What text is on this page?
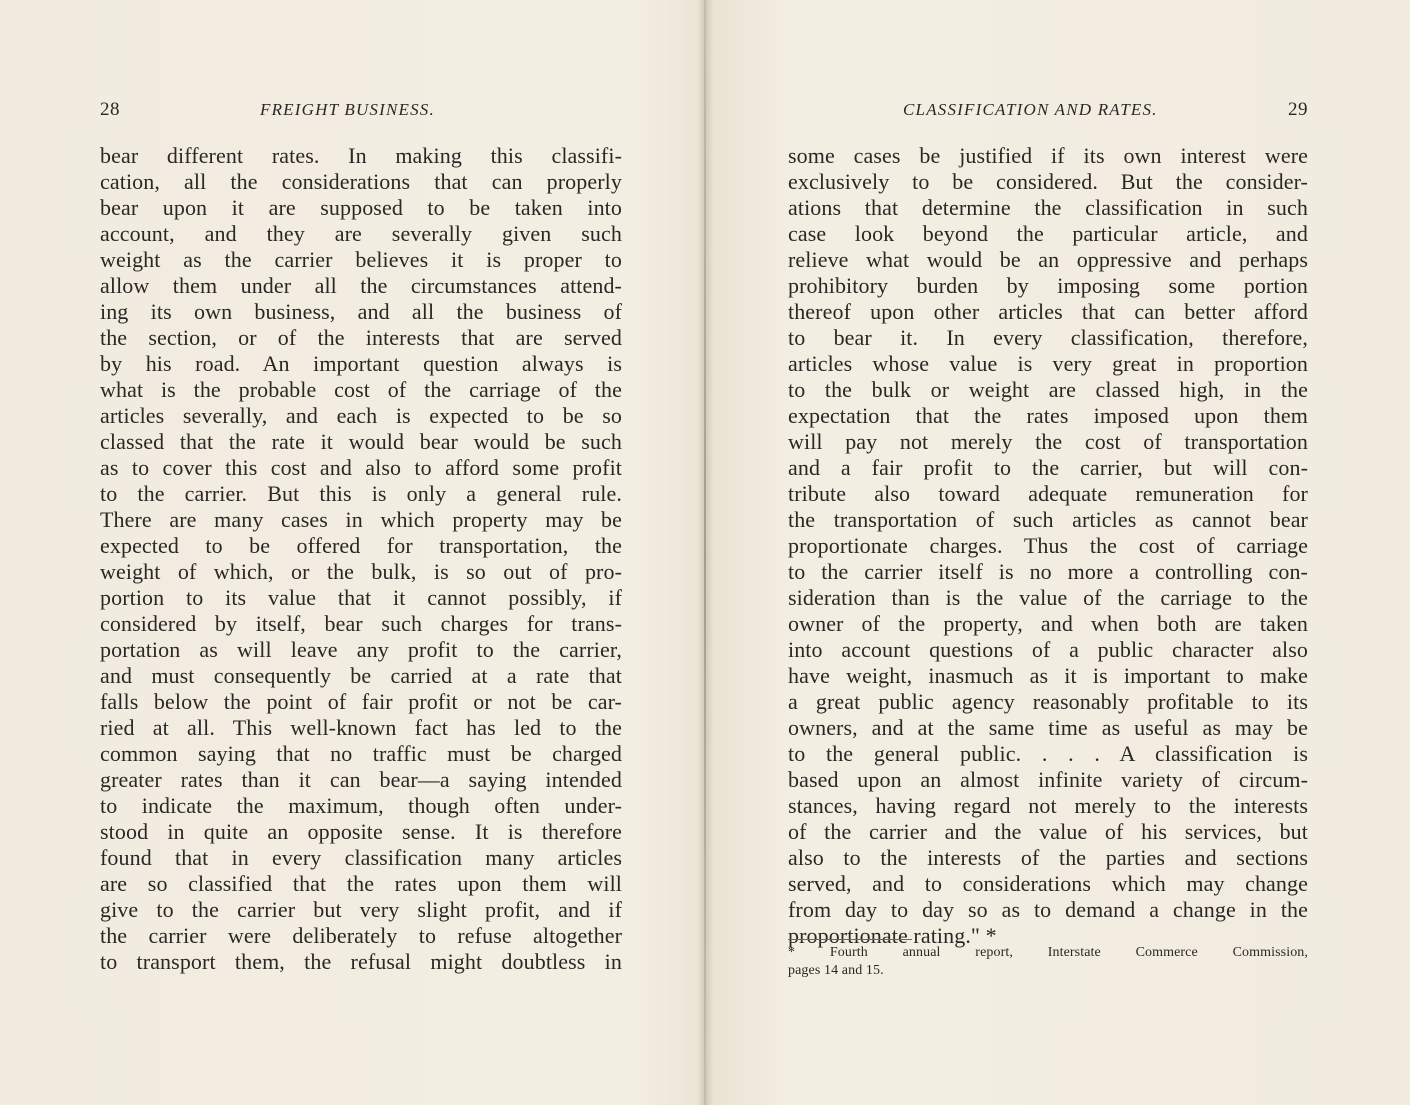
28	FREIGHT BUSINESS.
bear different rates. In making this classifi-
cation, all the considerations that can properly
bear upon it are supposed to be taken into
account, and they are severally given such
weight as the carrier believes it is proper to
allow them under all the circumstances attend-
ing its own business, and all the business of
the section, or of the interests that are served
by his road. An important question always is
what is the probable cost of the carriage of the
articles severally, and each is expected to be so
classed that the rate it would bear would be such
as to cover this cost and also to afford some profit
to the carrier. But this is only a general rule.
There are many cases in which property may be
expected to be offered for transportation, the
weight of which, or the bulk, is so out of pro-
portion to its value that it cannot possibly, if
considered by itself, bear such charges for trans-
portation as will leave any profit to the carrier,
and must consequently be carried at a rate that
falls below the point of fair profit or not be car-
ried at all. This well-known fact has led to the
common saying that no traffic must be charged
greater rates than it can bear—a saying intended
to indicate the maximum, though often under-
stood in quite an opposite sense. It is therefore
found that in every classification many articles
are so classified that the rates upon them will
give to the carrier but very slight profit, and if
the carrier were deliberately to refuse altogether
to transport them, the refusal might doubtless in
CLASSIFICATION AND RATES.	29
some cases be justified if its own interest were
exclusively to be considered. But the consider-
ations that determine the classification in such
case look beyond the particular article, and
relieve what would be an oppressive and perhaps
prohibitory burden by imposing some portion
thereof upon other articles that can better afford
to bear it. In every classification, therefore,
articles whose value is very great in proportion
to the bulk or weight are classed high, in the
expectation that the rates imposed upon them
will pay not merely the cost of transportation
and a fair profit to the carrier, but will con-
tribute also toward adequate remuneration for
the transportation of such articles as cannot bear
proportionate charges. Thus the cost of carriage
to the carrier itself is no more a controlling con-
sideration than is the value of the carriage to the
owner of the property, and when both are taken
into account questions of a public character also
have weight, inasmuch as it is important to make
a great public agency reasonably profitable to its
owners, and at the same time as useful as may be
to the general public. . . . A classification is
based upon an almost infinite variety of circum-
stances, having regard not merely to the interests
of the carrier and the value of his services, but
also to the interests of the parties and sections
served, and to considerations which may change
from day to day so as to demand a change in the
proportionate rating." *
* Fourth annual report, Interstate Commerce Commission,
pages 14 and 15.
